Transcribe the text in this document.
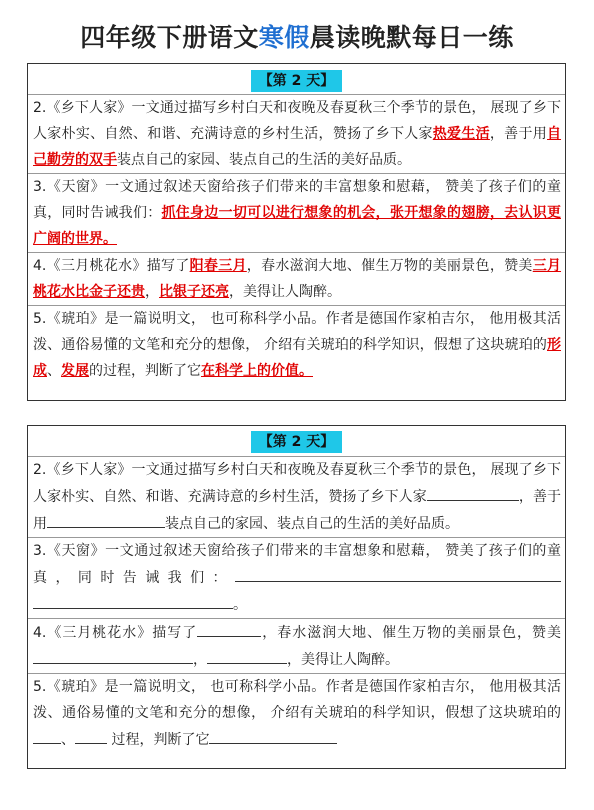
四年级下册语文寒假晨读晚默每日一练
【第 2 天】
2.《乡下人家》一文通过描写乡村白天和夜晚及春夏秋三个季节的景色， 展现了乡下人家朴实、自然、和谐、充满诗意的乡村生活，赞扬了乡下人家热爱生活，善于用自己勤劳的双手装点自己的家园、装点自己的生活的美好品质。
3.《天窗》一文通过叙述天窗给孩子们带来的丰富想象和慰藉， 赞美了孩子们的童真，同时告诫我们：抓住身边一切可以进行想象的机会，张开想象的翅膀，去认识更广阔的世界。
4.《三月桃花水》描写了阳春三月，春水滋润大地、催生万物的美丽景色，赞美三月桃花水比金子还贵，比银子还亮，美得让人陶醉。
5.《琥珀》是一篇说明文， 也可称科学小品。作者是德国作家柏吉尔， 他用极其活泼、通俗易懂的文笔和充分的想像， 介绍有关琥珀的科学知识，假想了这块琥珀的形成、发展的过程，判断了它在科学上的价值。
【第 2 天】
2.《乡下人家》一文通过描写乡村白天和夜晚及春夏秋三个季节的景色， 展现了乡下人家朴实、自然、和谐、充满诗意的乡村生活，赞扬了乡下人家	，善于用	装点自己的家园、装点自己的生活的美好品质。
3.《天窗》一文通过叙述天窗给孩子们带来的丰富想象和慰藉， 赞美了孩子们的童真，同时告诫我们：。
4.《三月桃花水》描写了	，春水滋润大地、催生万物的美丽景色，赞美，	，美得让人陶醉。
5.《琥珀》是一篇说明文， 也可称科学小品。作者是德国作家柏吉尔， 他用极其活泼、通俗易懂的文笔和充分的想像， 介绍有关琥珀的科学知识，假想了这块琥珀的、 过程，判断了它
